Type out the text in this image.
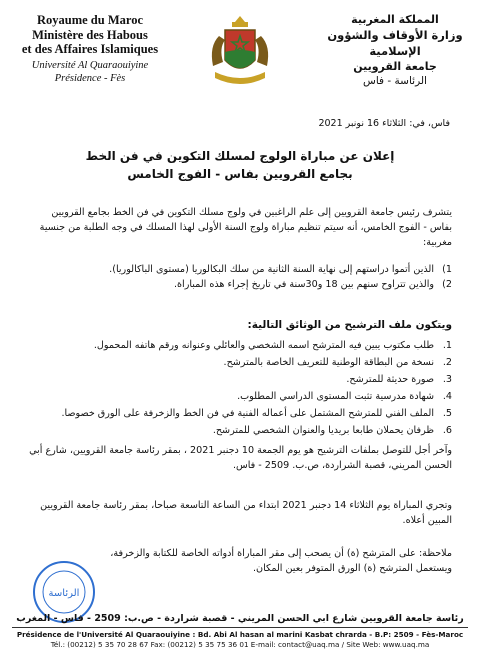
Royaume du Maroc
Ministère des Habous
et des Affaires Islamiques
Université Al Quaraouiyine
Présidence - Fès
المملكة المغربية
وزارة الأوقاف والشؤون الإسلامية
جامعة القرويين
الرئاسة - فاس
فاس، في: الثلاثاء 16 نونبر 2021
إعلان عن مباراة الولوج لمسلك التكوين في فن الخط
بجامع القرويين بفاس - الفوج الخامس
يتشرف رئيس جامعة القرويين إلى علم الراغبين في ولوج مسلك التكوين في فن الخط بجامع القرويين بفاس - الفوج الخامس، أنه سيتم تنظيم مباراة ولوج السنة الأولى لهذا المسلك في وجه الطلبة من جنسية مغربية:
1)
الذين أتموا دراستهم إلى نهاية السنة الثانية من سلك البكالوريا (مستوى الباكالوريا).
2)
والذين تتراوح سنهم بين 18 و30سنة في تاريخ إجراء هذه المباراة.
ويتكون ملف الترشيح من الوثائق التالية:
1.
طلب مكتوب يبين فيه المترشح اسمه الشخصي والعائلي وعنوانه ورقم هاتفه المحمول.
2.
نسخة من البطاقة الوطنية للتعريف الخاصة بالمترشح.
3.
صورة حديثة للمترشح.
4.
شهادة مدرسية تثبت المستوى الدراسي المطلوب.
5.
الملف الفني للمترشح المشتمل على أعماله الفنية في فن الخط والزخرفة على الورق خصوصا.
6.
ظرفان يحملان طابعا بريديا والعنوان الشخصي للمترشح.
وآخر أجل للتوصل بملفات الترشيح هو يوم الجمعة 10 دجنبر 2021 ، بمقر رئاسة جامعة القرويين، شارع أبي الحسن المريني، قصبة الشراردة، ص.ب. 2509 - فاس.
وتجري المباراة يوم الثلاثاء 14 دجنبر 2021 ابتداء من الساعة التاسعة صباحا، بمقر رئاسة جامعة القرويين المبين أعلاه.
ملاحظة: على المترشح (ة) أن يصحب إلى مقر المباراة أدواته الخاصة للكتابة والزخرفة، ويستعمل المترشح (ة) الورق المتوفر بعين المكان.
الرئاسة
رئاسة جامعة القرويين شارع ابي الحسن المريني - قصبة شراردة - ص.ب: 2509 - فاس - المغرب
Présidence de l'Université Al Quaraouiyine : Bd. Abi Al hasan al marini Kasbat chrarda - B.P: 2509 - Fès-Maroc
Tél.: (00212) 5 35 70 28 67 Fax: (00212) 5 35 75 36 01 E-mail: contact@uaq.ma / Site Web: www.uaq.ma
